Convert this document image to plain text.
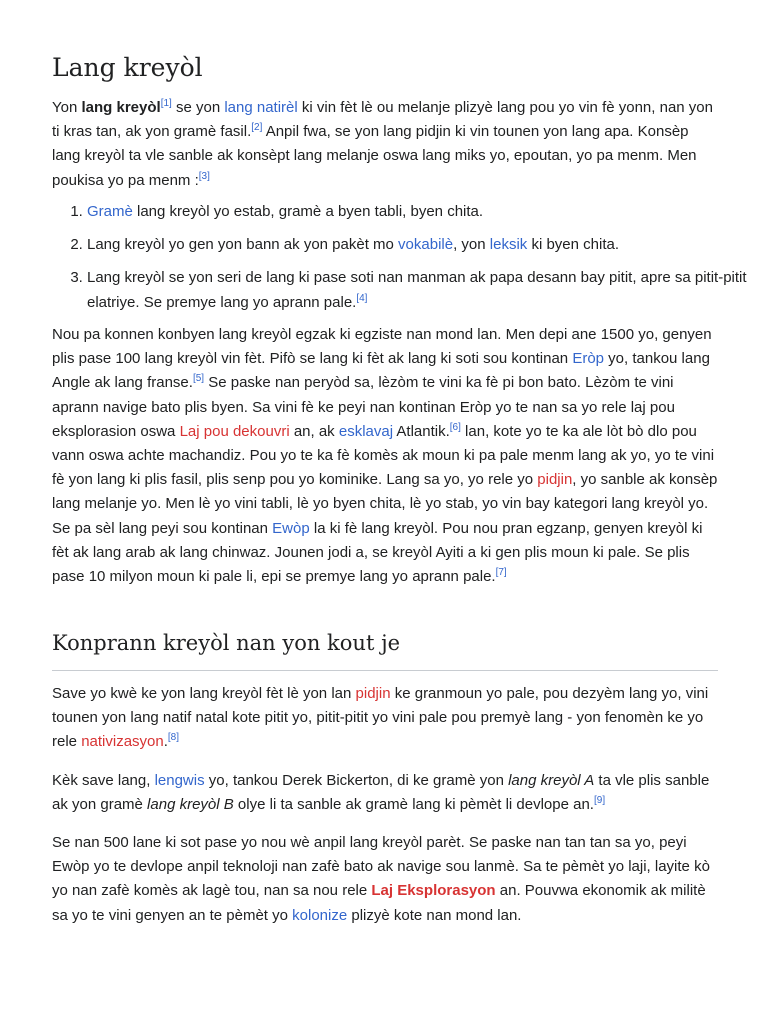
Lang kreyòl

Yon lang kreyòl[1] se yon lang natirèl ki vin fèt lè ou melanje plizyè lang pou yo vin fè yonn, nan yon ti kras tan, ak yon gramè fasil.[2] Anpil fwa, se yon lang pidjin ki vin tounen yon lang apa. Konsèp lang kreyòl ta vle sanble ak konsèpt lang melanje oswa lang miks yo, epoutan, yo pa menm. Men poukisa yo pa menm :[3]

1. Gramè lang kreyòl yo estab, gramè a byen tabli, byen chita.
2. Lang kreyòl yo gen yon bann ak yon pakèt mo vokabilè, yon leksik ki byen chita.
3. Lang kreyòl se yon seri de lang ki pase soti nan manman ak papa desann bay pitit, apre sa pitit-pitit elatriye. Se premye lang yo aprann pale.[4]

Nou pa konnen konbyen lang kreyòl egzak ki egziste nan mond lan. Men depi ane 1500 yo, genyen plis pase 100 lang kreyòl vin fèt. Pifò se lang ki fèt ak lang ki soti sou kontinan Eròp yo, tankou lang Angle ak lang franse.[5] Se paske nan peryòd sa, lèzòm te vini ka fè pi bon bato. Lèzòm te vini aprann navige bato plis byen. Sa vini fè ke peyi nan kontinan Eròp yo te nan sa yo rele laj pou eksplorasion oswa Laj pou dekouvri an, ak esklavaj Atlantik.[6] lan, kote yo te ka ale lòt bò dlo pou vann oswa achte machandiz. Pou yo te ka fè komès ak moun ki pa pale menm lang ak yo, yo te vini fè yon lang ki plis fasil, plis senp pou yo kominike. Lang sa yo, yo rele yo pidjin, yo sanble ak konsèp lang melanje yo. Men lè yo vini tabli, lè yo byen chita, lè yo stab, yo vin bay kategori lang kreyòl yo. Se pa sèl lang peyi sou kontinan Ewòp la ki fè lang kreyòl. Pou nou pran egzanp, genyen kreyòl ki fèt ak lang arab ak lang chinwaz. Jounen jodi a, se kreyòl Ayiti a ki gen plis moun ki pale. Se plis pase 10 milyon moun ki pale li, epi se premye lang yo aprann pale.[7]

Konprann kreyòl nan yon kout je

Save yo kwè ke yon lang kreyòl fèt lè yon lan pidjin ke granmoun yo pale, pou dezyèm lang yo, vini tounen yon lang natif natal kote pitit yo, pitit-pitit yo vini pale pou premyè lang - yon fenomèn ke yo rele nativizasyon.[8]

Kèk save lang, lengwis yo, tankou Derek Bickerton, di ke gramè yon lang kreyòl A ta vle plis sanble ak yon gramè lang kreyòl B olye li ta sanble ak gramè lang ki pèmèt li devlope an.[9]

Se nan 500 lane ki sot pase yo nou wè anpil lang kreyòl parèt. Se paske nan tan tan sa yo, peyi Ewòp yo te devlope anpil teknoloji nan zafè bato ak navige sou lanmè. Sa te pèmèt yo laji, layite kò yo nan zafè komès ak lagè tou, nan sa nou rele Laj Eksplorasyon an. Pouvwa ekonomik ak militè sa yo te vini genyen an te pèmèt yo kolonize plizyè kote nan mond lan.
